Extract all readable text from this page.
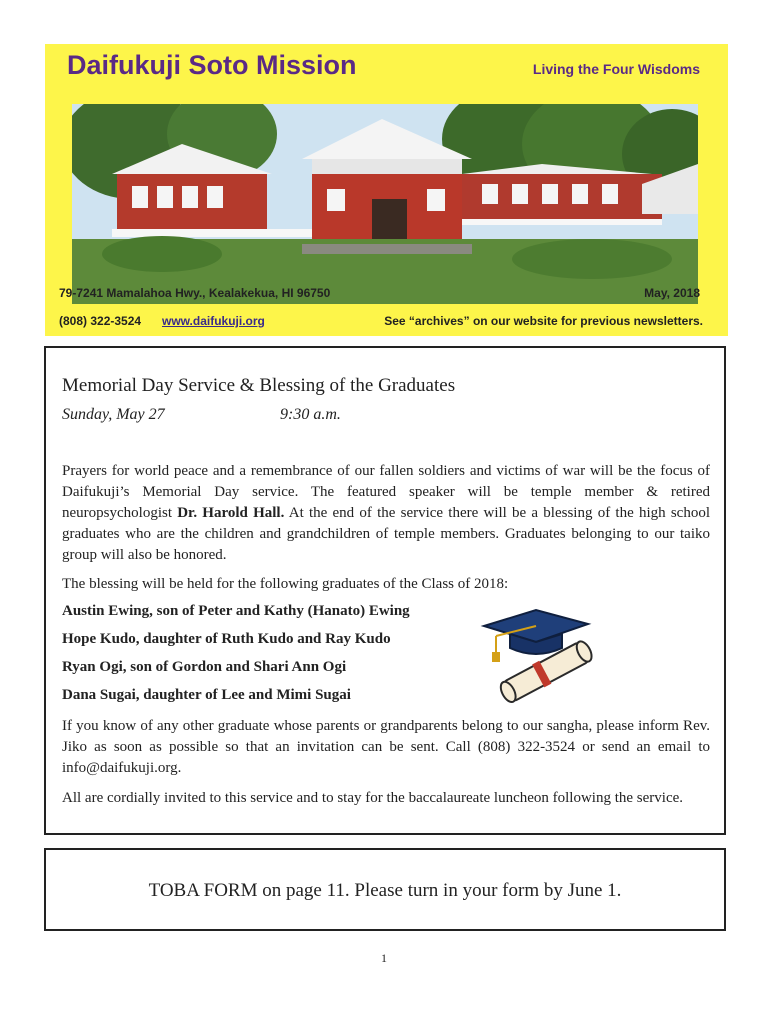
Daifukuji Soto Mission	Living the Four Wisdoms
79-7241 Mamalahoa Hwy., Kealakekua, HI 96750	May, 2018
(808) 322-3524 www.daifukuji.org	See “archives” on our website for previous newsletters.
Memorial Day Service & Blessing of the Graduates
Sunday, May 27	9:30 a.m.

Prayers for world peace and a remembrance of our fallen soldiers and victims of war will be the focus of Daifukuji’s Memorial Day service. The featured speaker will be temple member & retired neuropsychologist Dr. Harold Hall. At the end of the service there will be a blessing of the high school graduates who are the children and grandchildren of temple members. Graduates belonging to our taiko group will also be honored.

The blessing will be held for the following graduates of the Class of 2018:

Austin Ewing, son of Peter and Kathy (Hanato) Ewing
Hope Kudo, daughter of Ruth Kudo and Ray Kudo
Ryan Ogi, son of Gordon and Shari Ann Ogi
Dana Sugai, daughter of Lee and Mimi Sugai

If you know of any other graduate whose parents or grandparents belong to our sangha, please inform Rev. Jiko as soon as possible so that an invitation can be sent. Call (808) 322-3524 or send an email to info@daifukuji.org.

All are cordially invited to this service and to stay for the baccalaureate luncheon following the service.

TOBA FORM on page 11. Please turn in your form by June 1.
1
